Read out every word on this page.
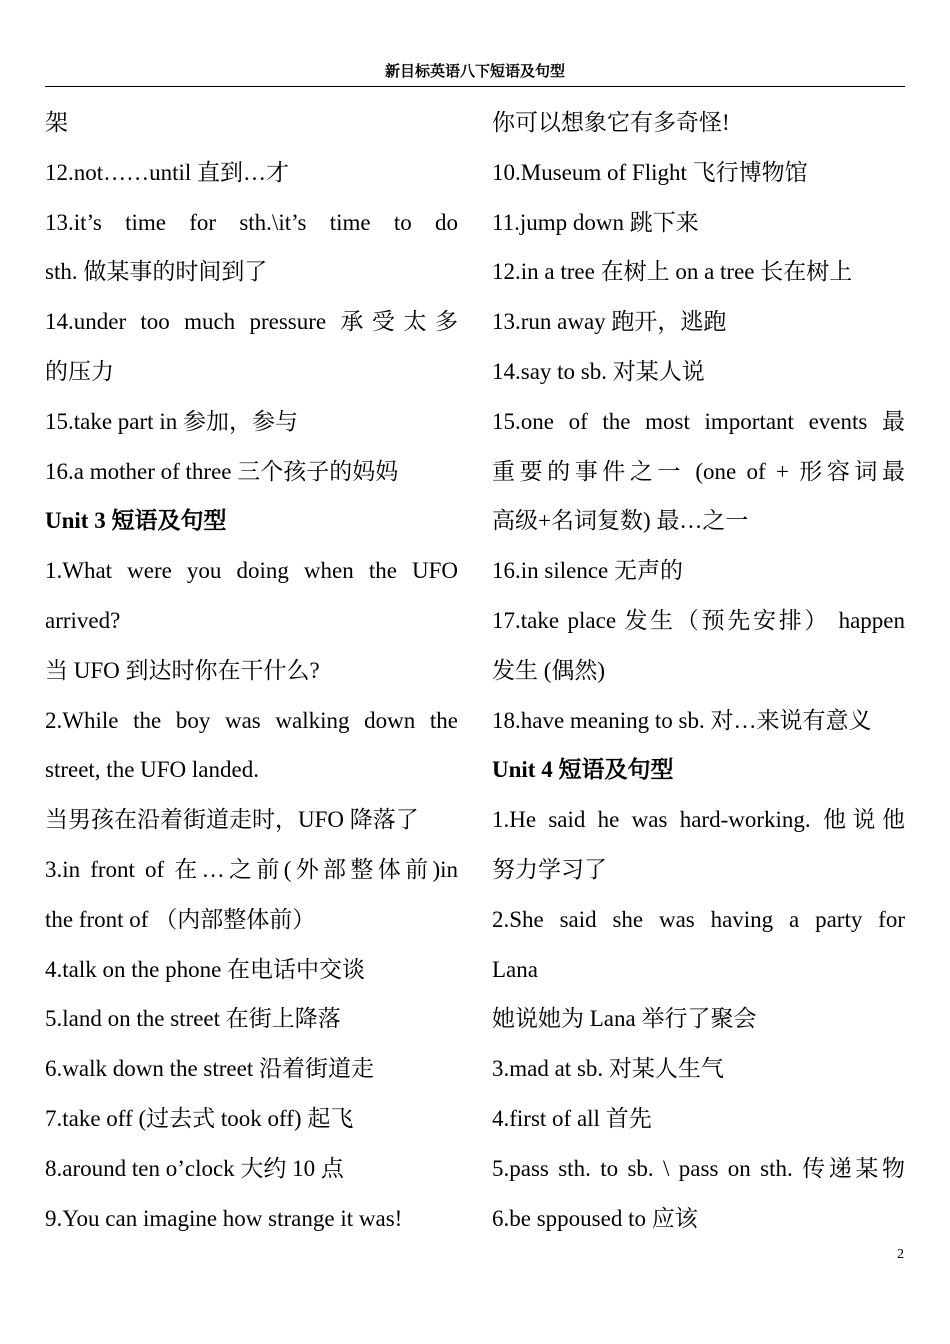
新目标英语八下短语及句型
架
12.not……until 直到…才
13.it’s time for sth.\it’s time to do
sth. 做某事的时间到了
14.under too much pressure 承受太多
的压力
15.take part in 参加，参与
16.a mother of three 三个孩子的妈妈
Unit 3 短语及句型
1.What were you doing when the UFO
arrived?
当 UFO 到达时你在干什么?
2.While the boy was walking down the
street, the UFO landed.
当男孩在沿着街道走时，UFO 降落了
3.in front of 在…之前(外部整体前)in
the front of （内部整体前）
4.talk on the phone 在电话中交谈
5.land on the street 在街上降落
6.walk down the street 沿着街道走
7.take off (过去式 took off) 起飞
8.around ten o’clock 大约 10 点
9.You can imagine how strange it was!
你可以想象它有多奇怪!
10.Museum of Flight 飞行博物馆
11.jump down 跳下来
12.in a tree 在树上 on a tree 长在树上
13.run away 跑开，逃跑
14.say to sb. 对某人说
15.one of the most important events 最
重要的事件之一 (one of + 形容词最
高级+名词复数) 最…之一
16.in silence 无声的
17.take place 发生（预先安排） happen
发生 (偶然)
18.have meaning to sb. 对…来说有意义
Unit 4 短语及句型
1.He said he was hard-working. 他说他
努力学习了
2.She said she was having a party for
Lana
她说她为 Lana 举行了聚会
3.mad at sb. 对某人生气
4.first of all 首先
5.pass sth. to sb. \ pass on sth. 传递某物
6.be sppoused to 应该
2
